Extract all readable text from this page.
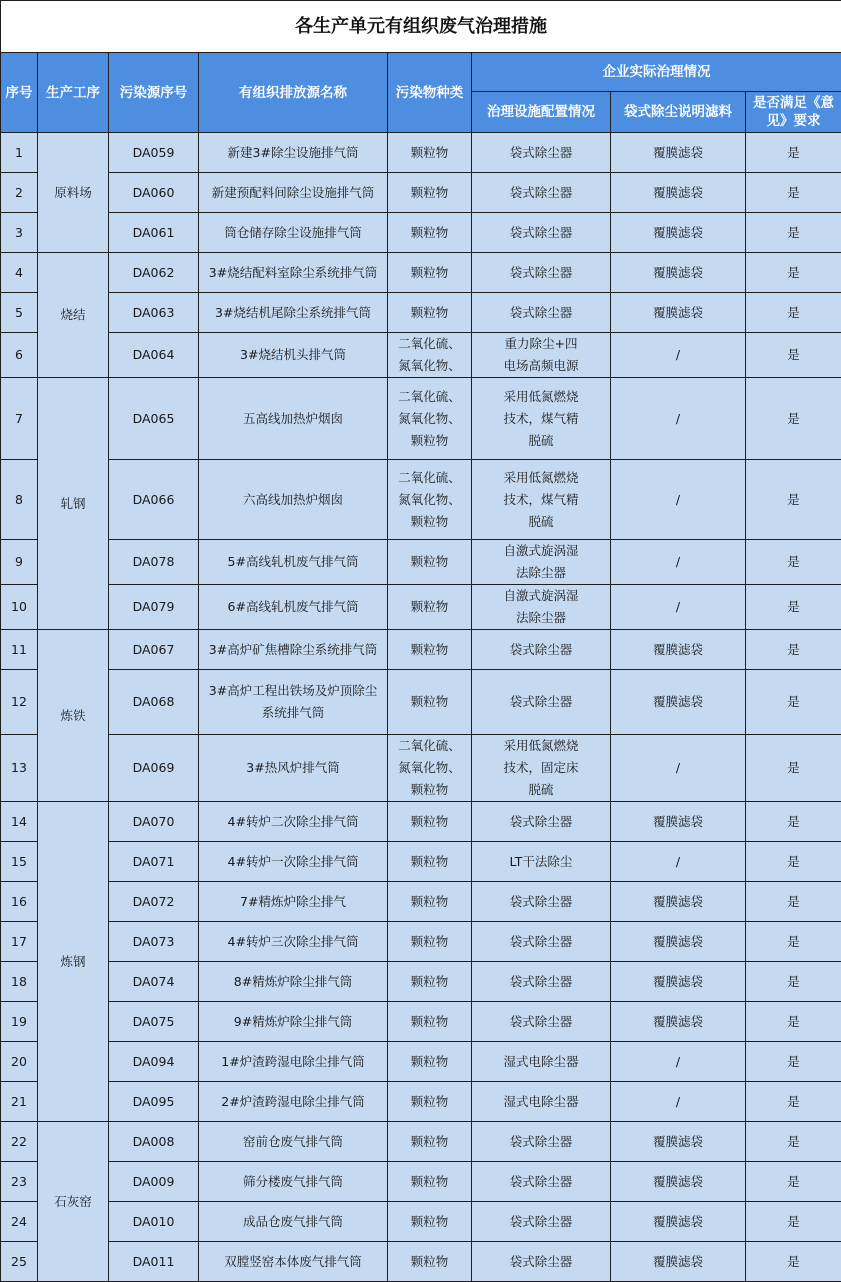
各生产单元有组织废气治理措施							
序号	生产工序	污染源序号	有组织排放源名称	污染物种类	企业实际治理情况		
					治理设施配置情况	袋式除尘说明滤料	是否满足《意见》要求
1	原料场	DA059	新建3#除尘设施排气筒	颗粒物	袋式除尘器	覆膜滤袋	是
2		DA060	新建预配料间除尘设施排气筒	颗粒物	袋式除尘器	覆膜滤袋	是
3		DA061	筒仓储存除尘设施排气筒	颗粒物	袋式除尘器	覆膜滤袋	是
4	烧结	DA062	3#烧结配料室除尘系统排气筒	颗粒物	袋式除尘器	覆膜滤袋	是
5		DA063	3#烧结机尾除尘系统排气筒	颗粒物	袋式除尘器	覆膜滤袋	是
6		DA064	3#烧结机头排气筒	二氧化硫、
氮氧化物、	重力除尘+四
电场高频电源	/	是
7	轧钢	DA065	五高线加热炉烟囱	二氧化硫、
氮氧化物、
颗粒物	采用低氮燃烧
技术，煤气精
脱硫	/	是
8		DA066	六高线加热炉烟囱	二氧化硫、
氮氧化物、
颗粒物	采用低氮燃烧
技术，煤气精
脱硫	/	是
9		DA078	5#高线轧机废气排气筒	颗粒物	自激式旋涡湿
法除尘器	/	是
10		DA079	6#高线轧机废气排气筒	颗粒物	自激式旋涡湿
法除尘器	/	是
11	炼铁	DA067	3#高炉矿焦槽除尘系统排气筒	颗粒物	袋式除尘器	覆膜滤袋	是
12		DA068	3#高炉工程出铁场及炉顶除尘
系统排气筒	颗粒物	袋式除尘器	覆膜滤袋	是
13		DA069	3#热风炉排气筒	二氧化硫、
氮氧化物、
颗粒物	采用低氮燃烧
技术，固定床
脱硫	/	是
14	炼钢	DA070	4#转炉二次除尘排气筒	颗粒物	袋式除尘器	覆膜滤袋	是
15		DA071	4#转炉一次除尘排气筒	颗粒物	LT干法除尘	/	是
16		DA072	7#精炼炉除尘排气	颗粒物	袋式除尘器	覆膜滤袋	是
17		DA073	4#转炉三次除尘排气筒	颗粒物	袋式除尘器	覆膜滤袋	是
18		DA074	8#精炼炉除尘排气筒	颗粒物	袋式除尘器	覆膜滤袋	是
19		DA075	9#精炼炉除尘排气筒	颗粒物	袋式除尘器	覆膜滤袋	是
20		DA094	1#炉渣跨湿电除尘排气筒	颗粒物	湿式电除尘器	/	是
21		DA095	2#炉渣跨湿电除尘排气筒	颗粒物	湿式电除尘器	/	是
22	石灰窑	DA008	窑前仓废气排气筒	颗粒物	袋式除尘器	覆膜滤袋	是
23		DA009	筛分楼废气排气筒	颗粒物	袋式除尘器	覆膜滤袋	是
24		DA010	成品仓废气排气筒	颗粒物	袋式除尘器	覆膜滤袋	是
25		DA011	双膛竖窑本体废气排气筒	颗粒物	袋式除尘器	覆膜滤袋	是
